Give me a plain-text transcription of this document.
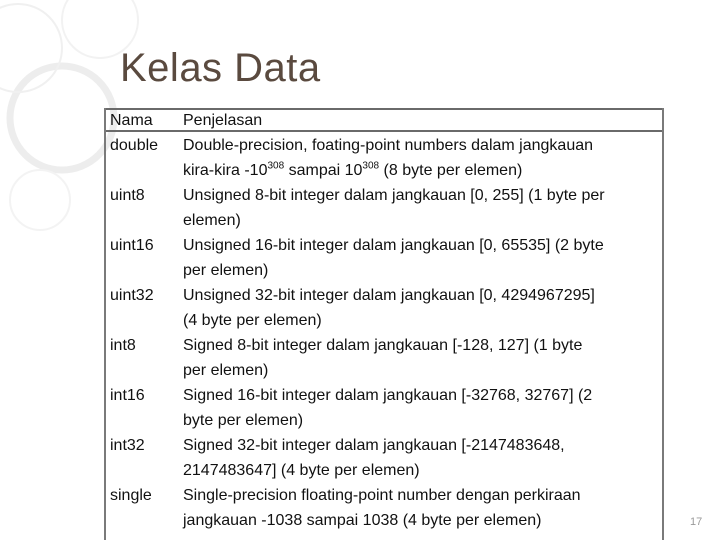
Kelas Data
Nama Penjelasan
double Double-precision, foating-point numbers dalam jangkauan
kira-kira $-10^{308}$ sampai $10^{308}$ (8 byte per elemen)
uint8 Unsigned 8-bit integer dalam jangkauan [0, 255] (1 byte per
elemen)
uint16 Unsigned 16-bit integer dalam jangkauan [0, 65535] (2 byte
per elemen)
uint32 Unsigned 32-bit integer dalam jangkauan [0, 4294967295]
(4 byte per elemen)
int8	Signed 8-bit integer dalam jangkauan [-128, 127] (1 byte
per elemen)
int16 Signed 16-bit integer dalam jangkauan [-32768, 32767] (2
byte per elemen)
int32 Signed 32-bit integer dalam jangkauan [-2147483648,
2147483647] (4 byte per elemen)
single Single-precision floating-point number dengan perkiraan
jangkauan -1038 sampai 1038 (4 byte per elemen)	17
